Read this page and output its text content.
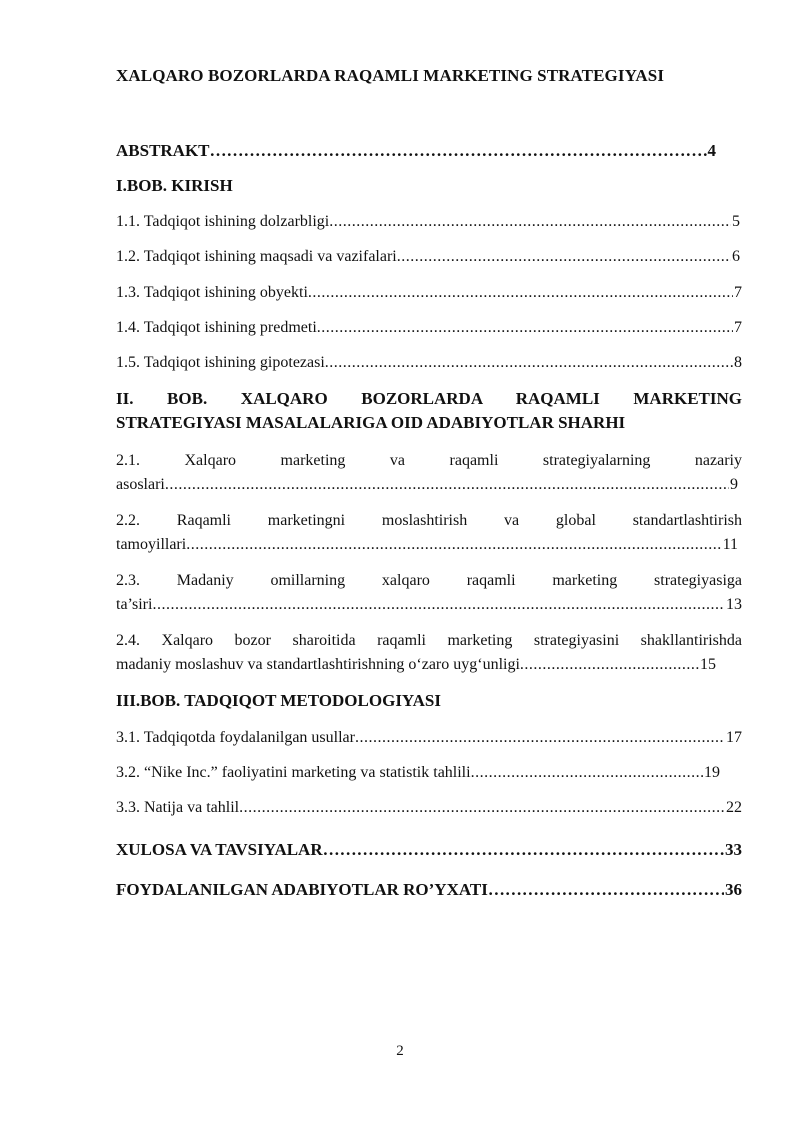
XALQARO BOZORLARDA RAQAMLI MARKETING STRATEGIYASI
ABSTRAKT ……………………………………………………………………………………………………………………………………………………	4
I.BOB. KIRISH
1.1. Tadqiqot ishining dolzarbligi .....	5
1.2. Tadqiqot ishining maqsadi va vazifalari .....	6
1.3. Tadqiqot ishining obyekti .....	7
1.4. Tadqiqot ishining predmeti .....	7
1.5. Tadqiqot ishining gipotezasi .....	8
II. BOB. XALQARO BOZORLARDA RAQAMLI MARKETING
STRATEGIYASI MASALALARIGA OID ADABIYOTLAR SHARHI
2.1. Xalqaro marketing va raqamli strategiyalarning nazariy
asoslari .....	9
2.2. Raqamli marketingni moslashtirish va global standartlashtirish
tamoyillari .....	11
2.3. Madaniy omillarning xalqaro raqamli marketing strategiyasiga
ta’siri .....	13
2.4. Xalqaro bozor sharoitida raqamli marketing strategiyasini shakllantirishda
madaniy moslashuv va standartlashtirishning o‘zaro uyg‘unligi .....	15
III.BOB. TADQIQOT METODOLOGIYASI
3.1. Tadqiqotda foydalanilgan usullar .....	17
3.2. “Nike Inc.” faoliyatini marketing va statistik tahlili .....	19
3.3. Natija va tahlil .....	22
XULOSA VA TAVSIYALAR ……………………………………………………………………………………………………………………………………………………	33
FOYDALANILGAN ADABIYOTLAR RO’YXATI ……………………………………………………………………………………………………………………………………………………	36
2
